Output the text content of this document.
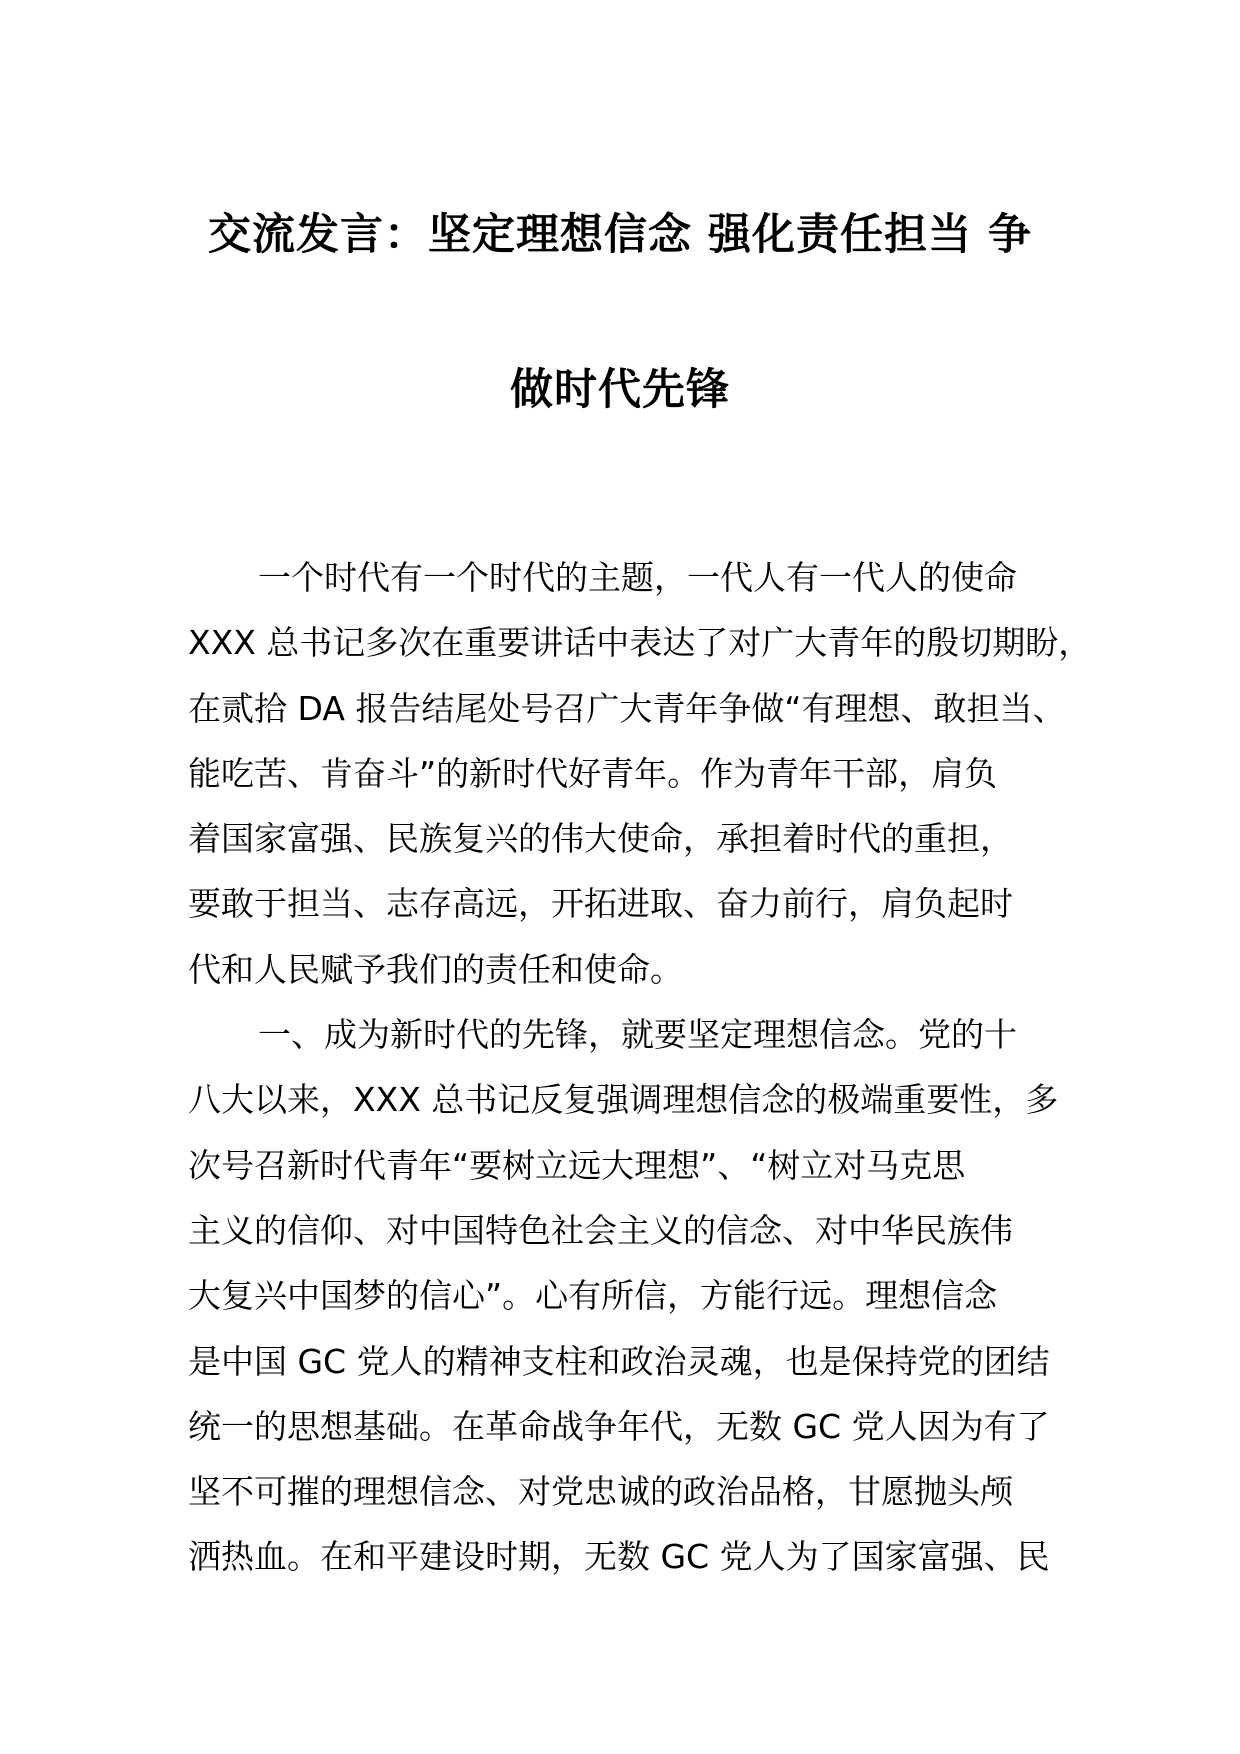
交流发言：坚定理想信念 强化责任担当 争
做时代先锋
一个时代有一个时代的主题，一代人有一代人的使命
XXX 总书记多次在重要讲话中表达了对广大青年的殷切期盼，
在贰拾 DA 报告结尾处号召广大青年争做“有理想、敢担当、
能吃苦、肯奋斗”的新时代好青年。作为青年干部，肩负
着国家富强、民族复兴的伟大使命，承担着时代的重担，
要敢于担当、志存高远，开拓进取、奋力前行，肩负起时
代和人民赋予我们的责任和使命。
一、成为新时代的先锋，就要坚定理想信念。党的十
八大以来，XXX 总书记反复强调理想信念的极端重要性，多
次号召新时代青年“要树立远大理想”、“树立对马克思
主义的信仰、对中国特色社会主义的信念、对中华民族伟
大复兴中国梦的信心”。心有所信，方能行远。理想信念
是中国 GC 党人的精神支柱和政治灵魂，也是保持党的团结
统一的思想基础。在革命战争年代，无数 GC 党人因为有了
坚不可摧的理想信念、对党忠诚的政治品格，甘愿抛头颅
洒热血。在和平建设时期，无数 GC 党人为了国家富强、民
